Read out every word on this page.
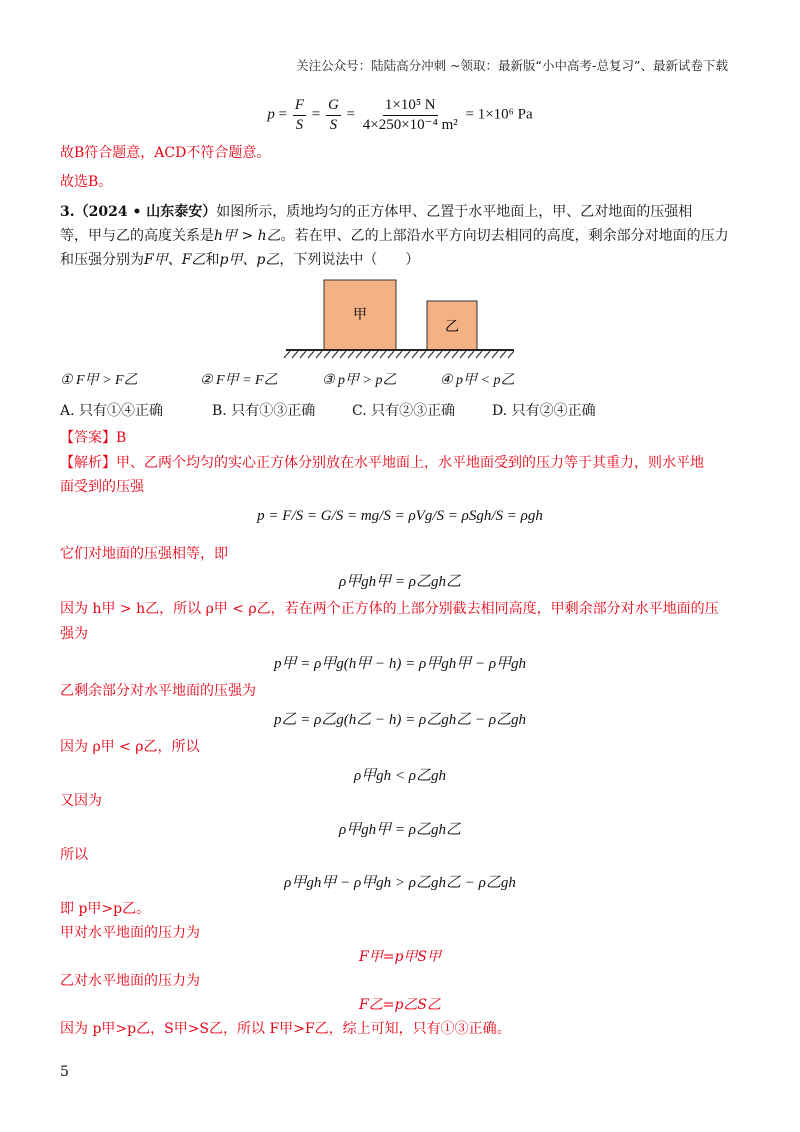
关注公众号：陆陆高分冲刺 ~领取：最新版“小中高考-总复习”、最新试卷下载
$p = \frac{F}{S} = \frac{G}{S} = \frac{\text{1×10⁵ N}}{\text{4×250×10⁻⁴ m²}} = 1\times 10^6$ Pa
故B符合题意，ACD不符合题意。
故选B。
3.（2024 • 山东泰安）如图所示，质地均匀的正方体甲、乙置于水平地面上，甲、乙对地面的压强相
等，甲与乙的高度关系是h甲 > h乙。若在甲、乙的上部沿水平方向切去相同的高度，剩余部分对地面的压力
和压强分别为F甲、F乙和p甲、p乙，下列说法中（　　）
甲
乙
① F甲 > F乙	② F甲 = F乙	③ p甲 > p乙	④ p甲 < p乙
A. 只有①④正确	B. 只有①③正确	C. 只有②③正确	D. 只有②④正确
【答案】B
【解析】甲、乙两个均匀的实心正方体分别放在水平地面上，水平地面受到的压力等于其重力，则水平地
面受到的压强
p = F/S = G/S = mg/S = ρVg/S = ρSgh/S = ρgh
它们对地面的压强相等，即
ρ甲gh甲 = ρ乙gh乙
因为 h甲 > h乙，所以 ρ甲 < ρ乙，若在两个正方体的上部分别截去相同高度，甲剩余部分对水平地面的压
强为
p甲 = ρ甲g(h甲 − h) = ρ甲gh甲 − ρ甲gh
乙剩余部分对水平地面的压强为
p乙 = ρ乙g(h乙 − h) = ρ乙gh乙 − ρ乙gh
因为 ρ甲 < ρ乙，所以
ρ甲gh < ρ乙gh
又因为
ρ甲gh甲 = ρ乙gh乙
所以
ρ甲gh甲 − ρ甲gh > ρ乙gh乙 − ρ乙gh
即 p甲>p乙。
甲对水平地面的压力为
F甲=p甲S甲
乙对水平地面的压力为
F乙=p乙S乙
因为 p甲>p乙，S甲>S乙，所以 F甲>F乙，综上可知，只有①③正确。
5
